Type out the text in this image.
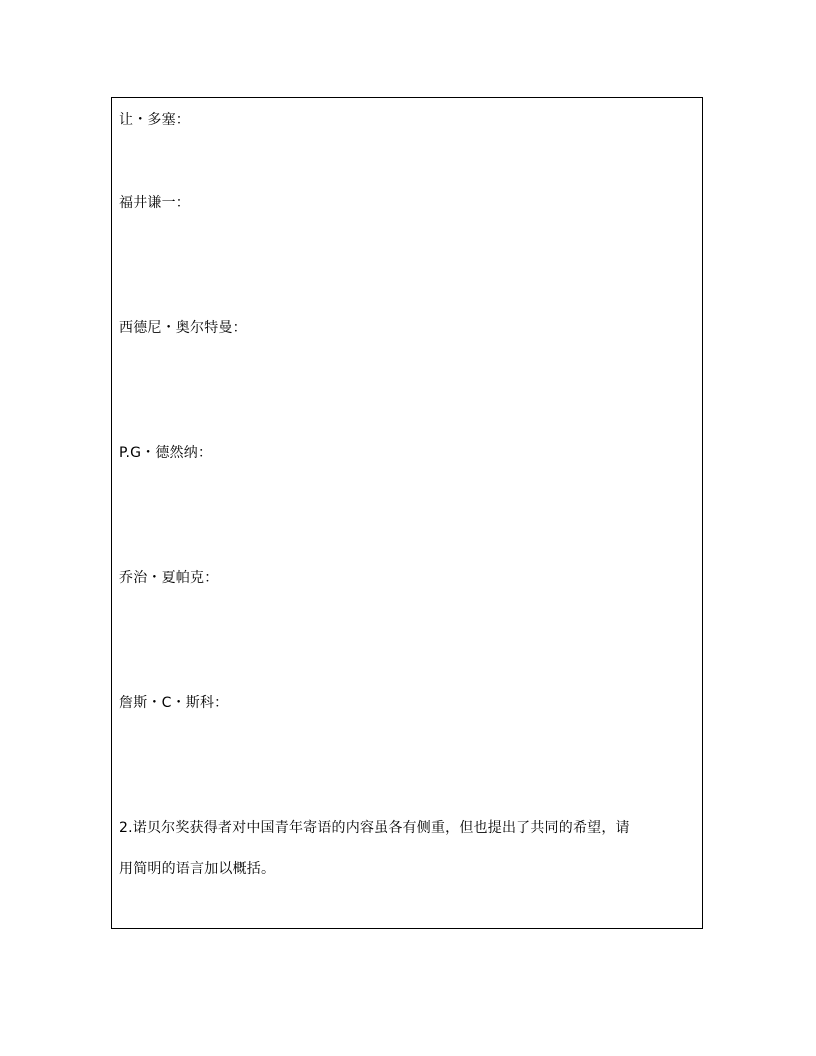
让・多塞：
福井谦一：
西德尼・奥尔特曼：
P.G・德然纳：
乔治・夏帕克：
詹斯・C・斯科：
2.诺贝尔奖获得者对中国青年寄语的内容虽各有侧重，但也提出了共同的希望，请
用简明的语言加以概括。
